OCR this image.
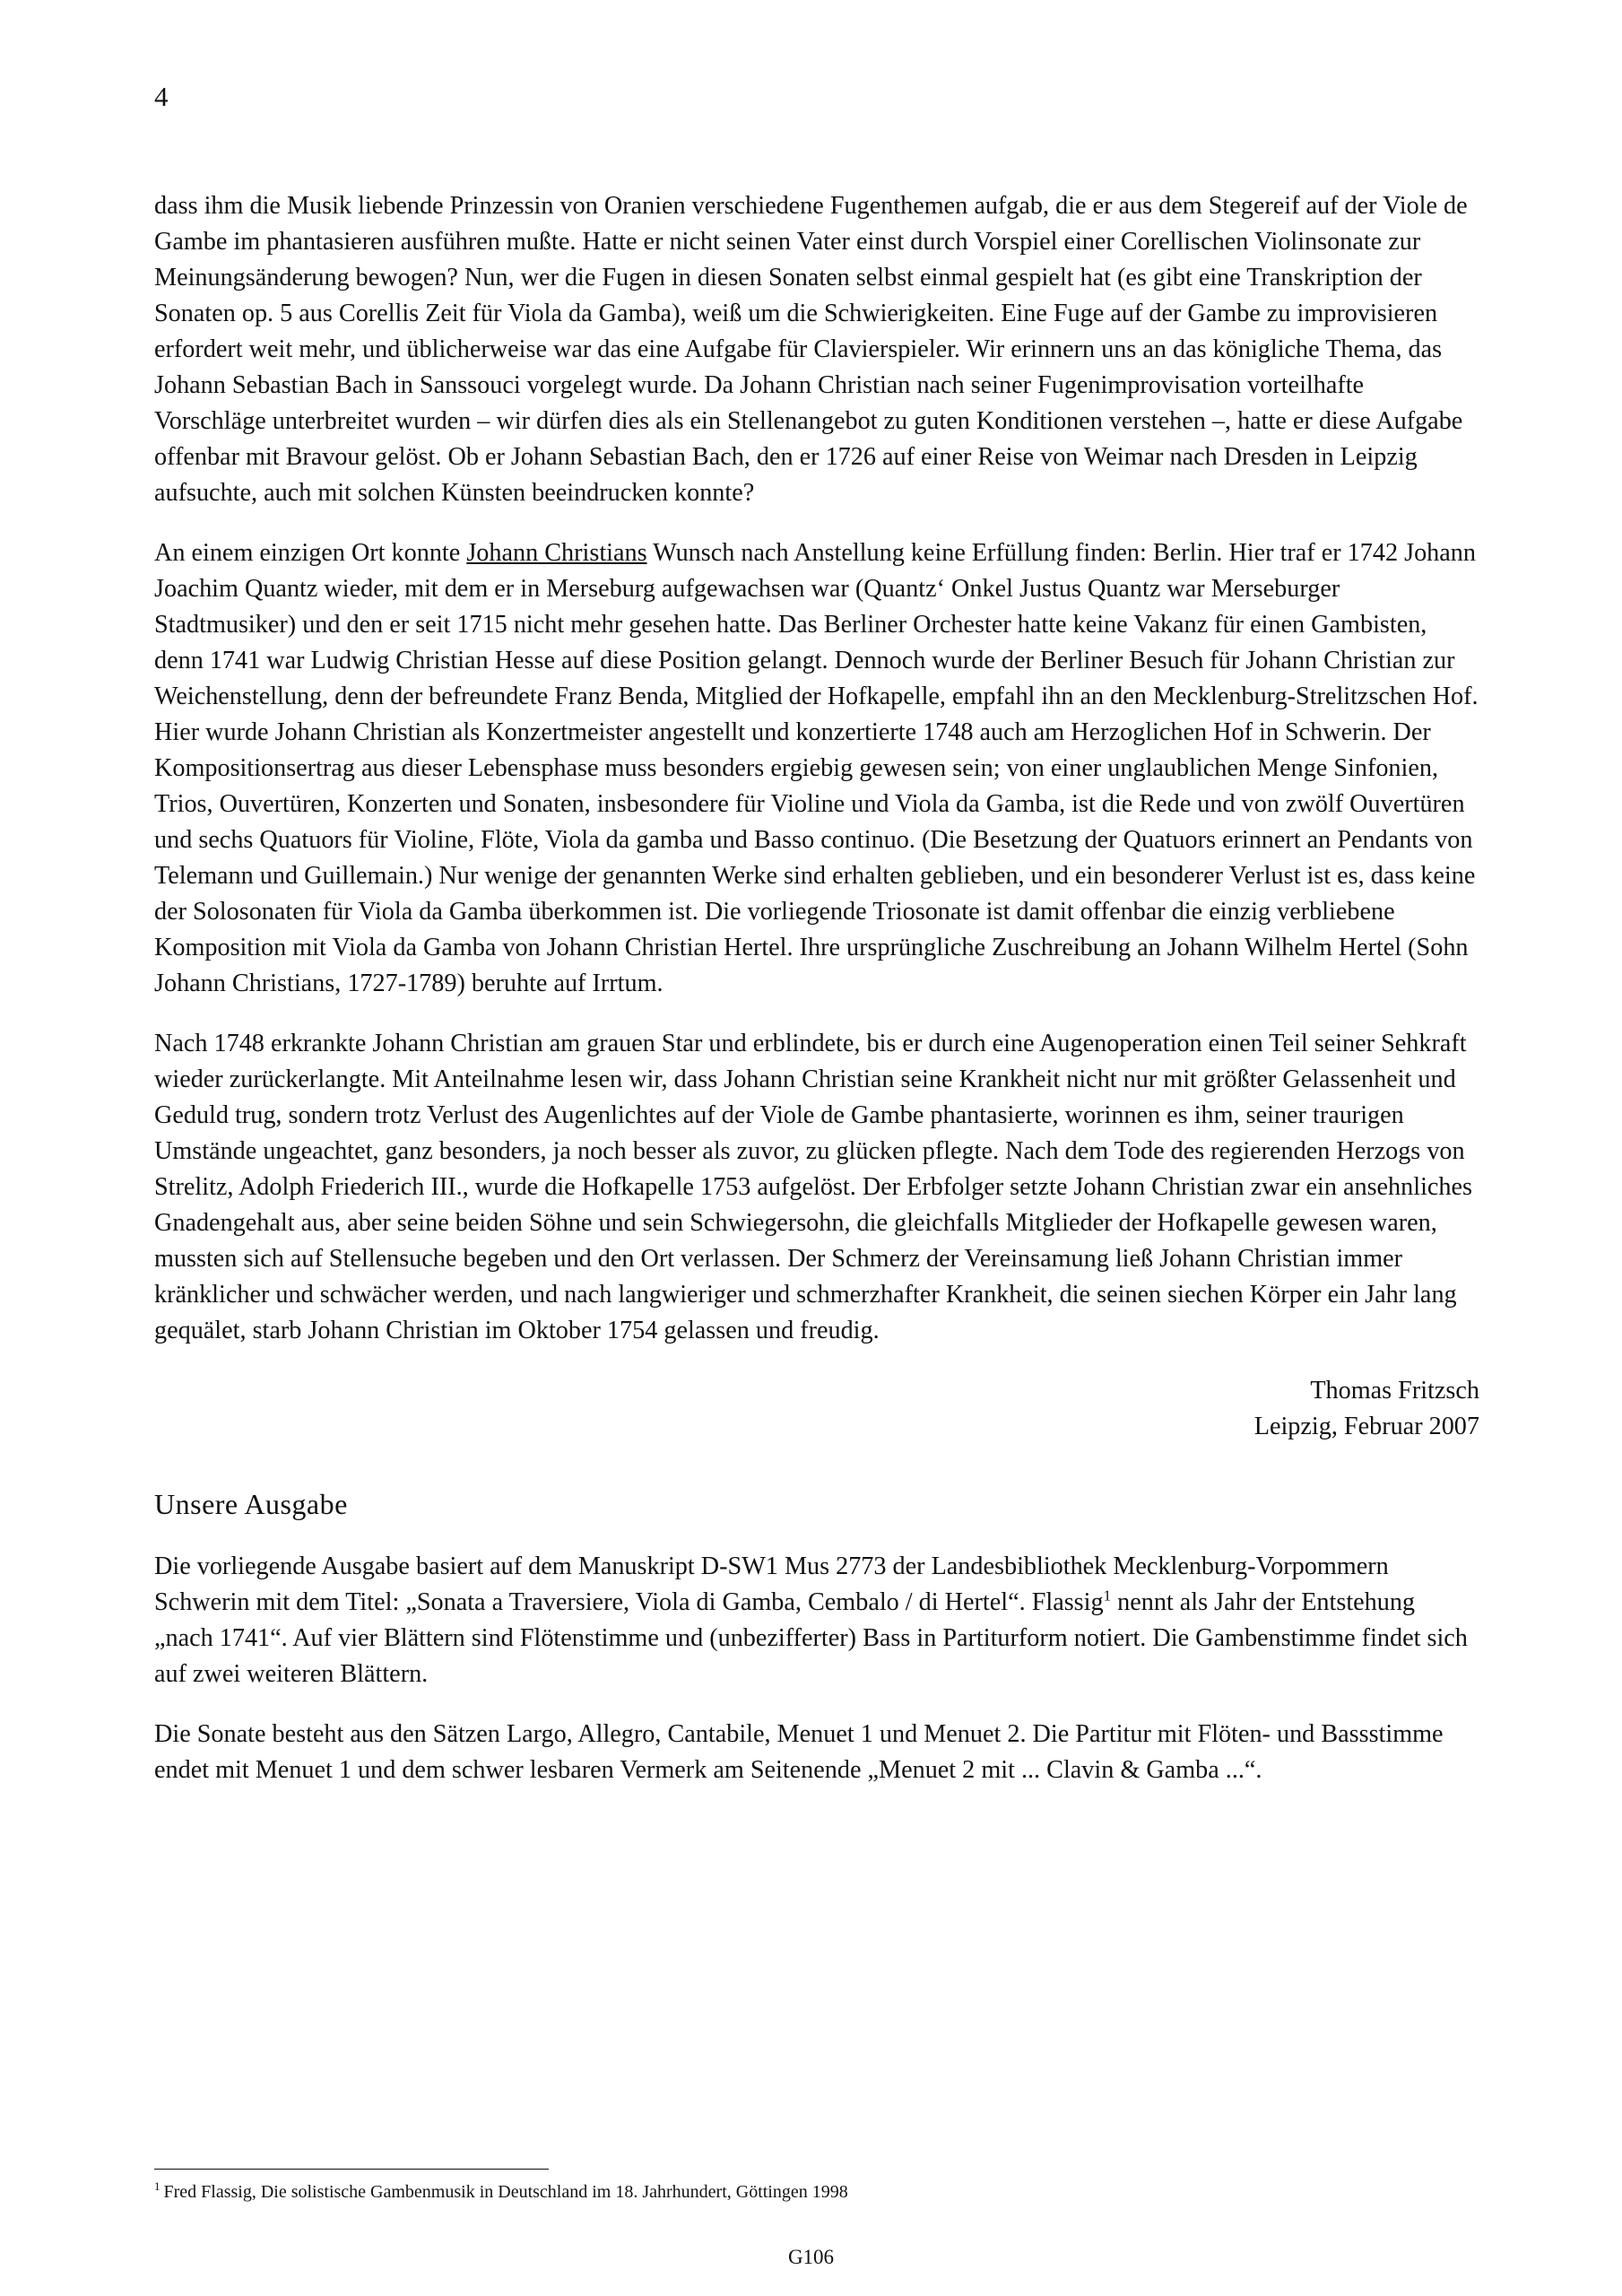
4

dass ihm die Musik liebende Prinzessin von Oranien verschiedene Fugenthemen aufgab, die er aus dem Stegereif auf der Viole de Gambe im phantasieren ausführen mußte. Hatte er nicht seinen Vater einst durch Vorspiel einer Corellischen Violinsonate zur Meinungsänderung bewogen? Nun, wer die Fugen in diesen Sonaten selbst einmal gespielt hat (es gibt eine Transkription der Sonaten op. 5 aus Corellis Zeit für Viola da Gamba), weiß um die Schwierigkeiten. Eine Fuge auf der Gambe zu improvisieren erfordert weit mehr, und üblicherweise war das eine Aufgabe für Clavierspieler. Wir erinnern uns an das königliche Thema, das Johann Sebastian Bach in Sanssouci vorgelegt wurde. Da Johann Christian nach seiner Fugenimprovisation vorteilhafte Vorschläge unterbreitet wurden – wir dürfen dies als ein Stellenangebot zu guten Konditionen verstehen –, hatte er diese Aufgabe offenbar mit Bravour gelöst. Ob er Johann Sebastian Bach, den er 1726 auf einer Reise von Weimar nach Dresden in Leipzig aufsuchte, auch mit solchen Künsten beeindrucken konnte?

An einem einzigen Ort konnte Johann Christians Wunsch nach Anstellung keine Erfüllung finden: Berlin. Hier traf er 1742 Johann Joachim Quantz wieder, mit dem er in Merseburg aufgewachsen war (Quantz‘ Onkel Justus Quantz war Merseburger Stadtmusiker) und den er seit 1715 nicht mehr gesehen hatte. Das Berliner Orchester hatte keine Vakanz für einen Gambisten, denn 1741 war Ludwig Christian Hesse auf diese Position gelangt. Dennoch wurde der Berliner Besuch für Johann Christian zur Weichenstellung, denn der befreundete Franz Benda, Mitglied der Hofkapelle, empfahl ihn an den Mecklenburg-Strelitzschen Hof. Hier wurde Johann Christian als Konzertmeister angestellt und konzertierte 1748 auch am Herzoglichen Hof in Schwerin. Der Kompositionsertrag aus dieser Lebensphase muss besonders ergiebig gewesen sein; von einer unglaublichen Menge Sinfonien, Trios, Ouvertüren, Konzerten und Sonaten, insbesondere für Violine und Viola da Gamba, ist die Rede und von zwölf Ouvertüren und sechs Quatuors für Violine, Flöte, Viola da gamba und Basso continuo. (Die Besetzung der Quatuors erinnert an Pendants von Telemann und Guillemain.) Nur wenige der genannten Werke sind erhalten geblieben, und ein besonderer Verlust ist es, dass keine der Solosonaten für Viola da Gamba überkommen ist. Die vorliegende Triosonate ist damit offenbar die einzig verbliebene Komposition mit Viola da Gamba von Johann Christian Hertel. Ihre ursprüngliche Zuschreibung an Johann Wilhelm Hertel (Sohn Johann Christians, 1727-1789) beruhte auf Irrtum.

Nach 1748 erkrankte Johann Christian am grauen Star und erblindete, bis er durch eine Augenoperation einen Teil seiner Sehkraft wieder zurückerlangte. Mit Anteilnahme lesen wir, dass Johann Christian seine Krankheit nicht nur mit größter Gelassenheit und Geduld trug, sondern trotz Verlust des Augenlichtes auf der Viole de Gambe phantasierte, worinnen es ihm, seiner traurigen Umstände ungeachtet, ganz besonders, ja noch besser als zuvor, zu glücken pflegte. Nach dem Tode des regierenden Herzogs von Strelitz, Adolph Friederich III., wurde die Hofkapelle 1753 aufgelöst. Der Erbfolger setzte Johann Christian zwar ein ansehnliches Gnadengehalt aus, aber seine beiden Söhne und sein Schwiegersohn, die gleichfalls Mitglieder der Hofkapelle gewesen waren, mussten sich auf Stellensuche begeben und den Ort verlassen. Der Schmerz der Vereinsamung ließ Johann Christian immer kränklicher und schwächer werden, und nach langwieriger und schmerzhafter Krankheit, die seinen siechen Körper ein Jahr lang gequälet, starb Johann Christian im Oktober 1754 gelassen und freudig.

Thomas Fritzsch
Leipzig, Februar 2007
Unsere Ausgabe

Die vorliegende Ausgabe basiert auf dem Manuskript D-SW1 Mus 2773 der Landesbibliothek Mecklenburg-Vorpommern Schwerin mit dem Titel: „Sonata a Traversiere, Viola di Gamba, Cembalo / di Hertel“. Flassig$^1$ nennt als Jahr der Entstehung „nach 1741“. Auf vier Blättern sind Flötenstimme und (unbezifferter) Bass in Partiturform notiert. Die Gambenstimme findet sich auf zwei weiteren Blättern.

Die Sonate besteht aus den Sätzen Largo, Allegro, Cantabile, Menuet 1 und Menuet 2. Die Partitur mit Flöten- und Bassstimme endet mit Menuet 1 und dem schwer lesbaren Vermerk am Seitenende „Menuet 2 mit ... Clavin & Gamba ...“.

$^1$ Fred Flassig, Die solistische Gambenmusik in Deutschland im 18. Jahrhundert, Göttingen 1998
G106
